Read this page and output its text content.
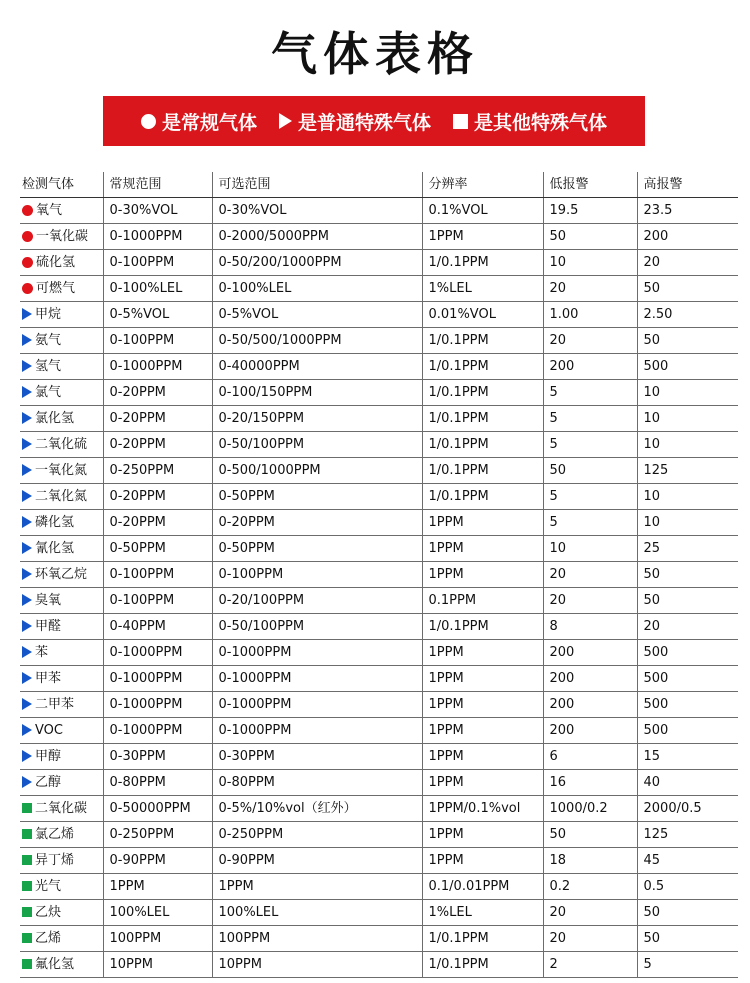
气体表格
是常规气体 是普通特殊气体 是其他特殊气体
检测气体	常规范围	可选范围	分辨率	低报警	高报警
氧气	0-30%VOL	0-30%VOL	0.1%VOL	19.5	23.5
一氧化碳	0-1000PPM	0-2000/5000PPM	1PPM	50	200
硫化氢	0-100PPM	0-50/200/1000PPM	1/0.1PPM	10	20
可燃气	0-100%LEL	0-100%LEL	1%LEL	20	50
甲烷	0-5%VOL	0-5%VOL	0.01%VOL	1.00	2.50
氨气	0-100PPM	0-50/500/1000PPM	1/0.1PPM	20	50
氢气	0-1000PPM	0-40000PPM	1/0.1PPM	200	500
氯气	0-20PPM	0-100/150PPM	1/0.1PPM	5	10
氯化氢	0-20PPM	0-20/150PPM	1/0.1PPM	5	10
二氧化硫	0-20PPM	0-50/100PPM	1/0.1PPM	5	10
一氧化氮	0-250PPM	0-500/1000PPM	1/0.1PPM	50	125
二氧化氮	0-20PPM	0-50PPM	1/0.1PPM	5	10
磷化氢	0-20PPM	0-20PPM	1PPM	5	10
氰化氢	0-50PPM	0-50PPM	1PPM	10	25
环氧乙烷	0-100PPM	0-100PPM	1PPM	20	50
臭氧	0-100PPM	0-20/100PPM	0.1PPM	20	50
甲醛	0-40PPM	0-50/100PPM	1/0.1PPM	8	20
苯	0-1000PPM	0-1000PPM	1PPM	200	500
甲苯	0-1000PPM	0-1000PPM	1PPM	200	500
二甲苯	0-1000PPM	0-1000PPM	1PPM	200	500
VOC	0-1000PPM	0-1000PPM	1PPM	200	500
甲醇	0-30PPM	0-30PPM	1PPM	6	15
乙醇	0-80PPM	0-80PPM	1PPM	16	40
二氧化碳	0-50000PPM	0-5%/10%vol（红外）	1PPM/0.1%vol	1000/0.2	2000/0.5
氯乙烯	0-250PPM	0-250PPM	1PPM	50	125
异丁烯	0-90PPM	0-90PPM	1PPM	18	45
光气	1PPM	1PPM	0.1/0.01PPM	0.2	0.5
乙炔	100%LEL	100%LEL	1%LEL	20	50
乙烯	100PPM	100PPM	1/0.1PPM	20	50
氟化氢	10PPM	10PPM	1/0.1PPM	2	5
